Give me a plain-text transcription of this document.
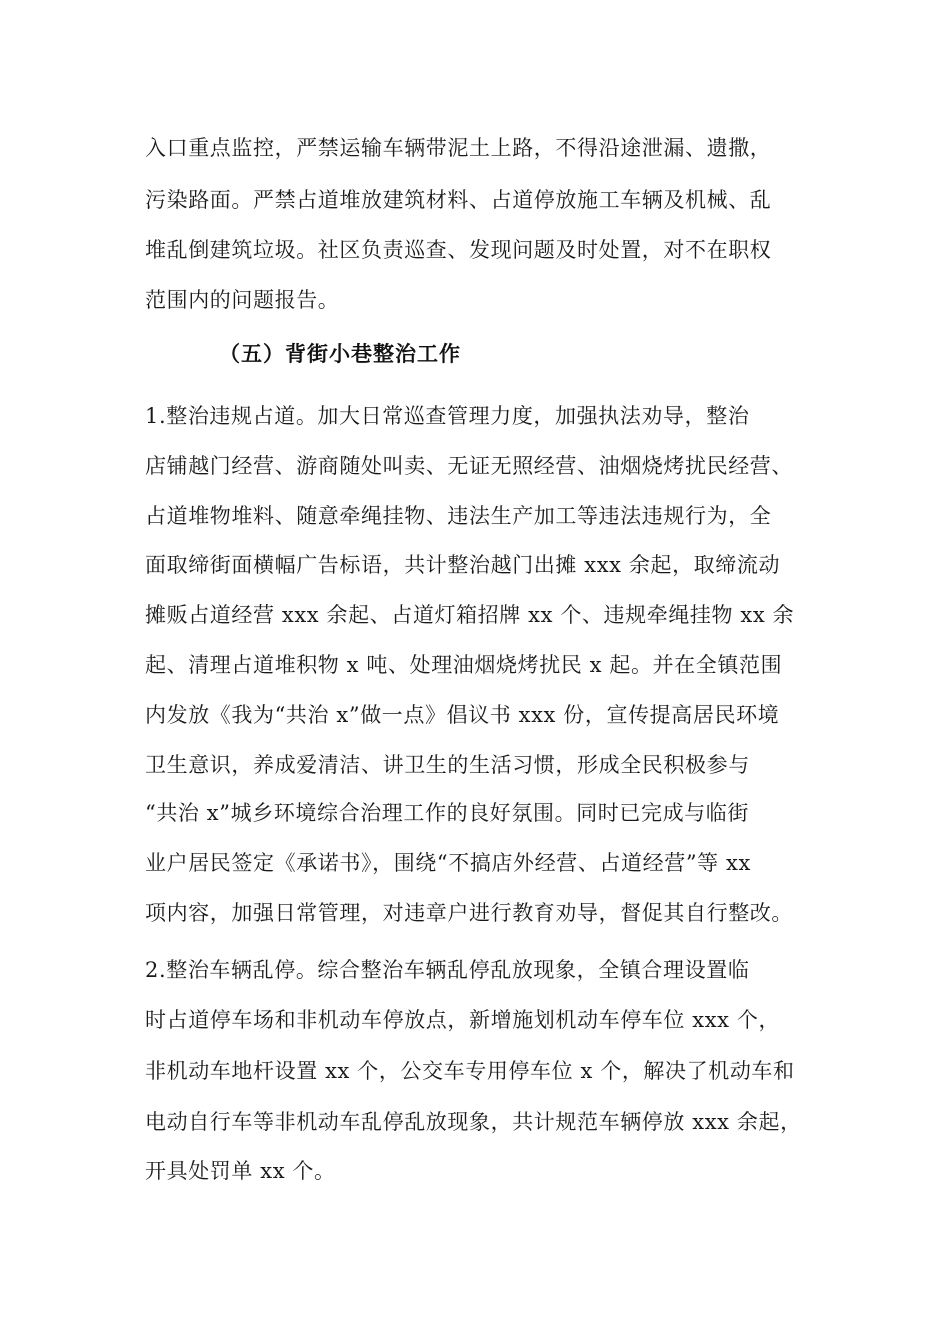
入口重点监控，严禁运输车辆带泥土上路，不得沿途泄漏、遗撒，
污染路面。严禁占道堆放建筑材料、占道停放施工车辆及机械、乱
堆乱倒建筑垃圾。社区负责巡查、发现问题及时处置，对不在职权
范围内的问题报告。
（五）背街小巷整治工作
1.整治违规占道。加大日常巡查管理力度，加强执法劝导，整治
店铺越门经营、游商随处叫卖、无证无照经营、油烟烧烤扰民经营、
占道堆物堆料、随意牵绳挂物、违法生产加工等违法违规行为，全
面取缔街面横幅广告标语，共计整治越门出摊 xxx 余起，取缔流动
摊贩占道经营 xxx 余起、占道灯箱招牌 xx 个、违规牵绳挂物 xx 余
起、清理占道堆积物 x 吨、处理油烟烧烤扰民 x 起。并在全镇范围
内发放《我为“共治 x”做一点》倡议书 xxx 份，宣传提高居民环境
卫生意识，养成爱清洁、讲卫生的生活习惯，形成全民积极参与
“共治 x”城乡环境综合治理工作的良好氛围。同时已完成与临街
业户居民签定《承诺书》，围绕“不搞店外经营、占道经营”等 xx
项内容，加强日常管理，对违章户进行教育劝导，督促其自行整改。
2.整治车辆乱停。综合整治车辆乱停乱放现象，全镇合理设置临
时占道停车场和非机动车停放点，新增施划机动车停车位 xxx 个，
非机动车地杆设置 xx 个，公交车专用停车位 x 个，解决了机动车和
电动自行车等非机动车乱停乱放现象，共计规范车辆停放 xxx 余起，
开具处罚单 xx 个。
